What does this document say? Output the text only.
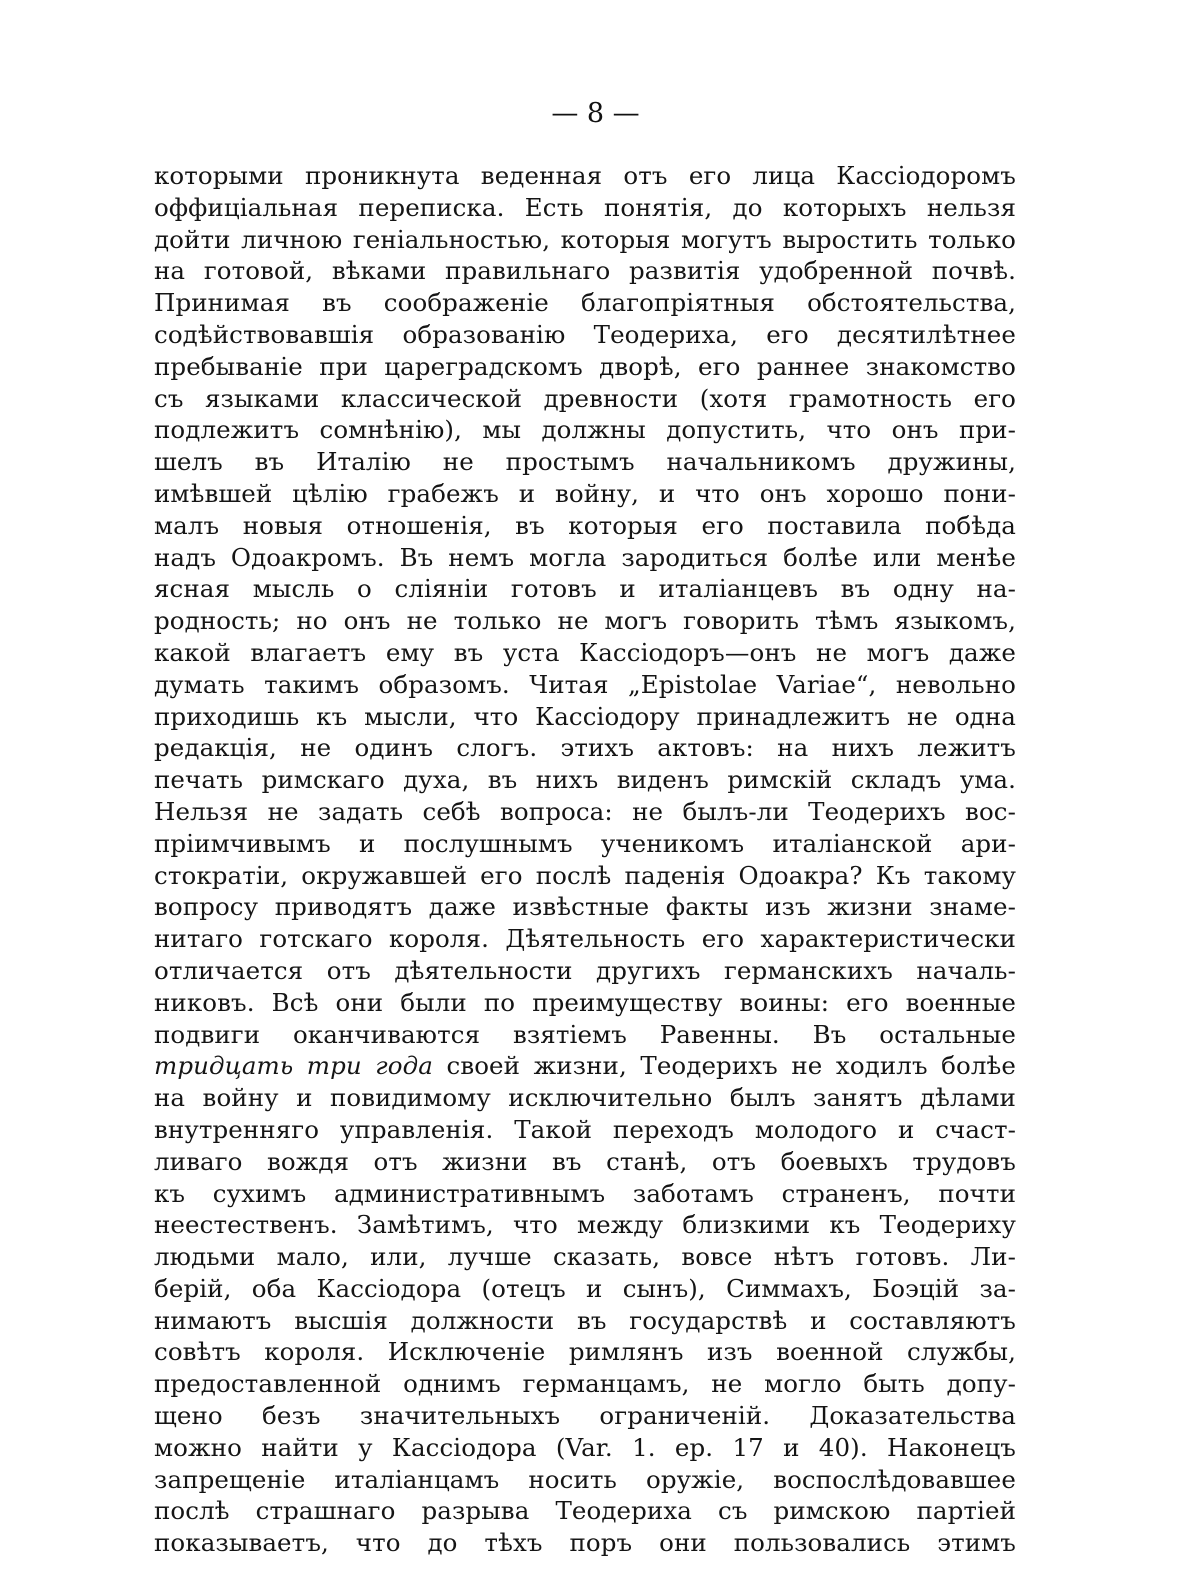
— 8 —
которыми проникнута веденная отъ его лица Кассіодоромъ
оффиціальная переписка. Есть понятія, до которыхъ нельзя
дойти личною геніальностью, которыя могутъ выростить только
на готовой, вѣками правильнаго развитія удобренной почвѣ.
Принимая въ соображеніе благопріятныя обстоятельства,
содѣйствовавшія образованію Теодериха, его десятилѣтнее
пребываніе при цареградскомъ дворѣ, его раннее знакомство
съ языками классической древности (хотя грамотность его
подлежитъ сомнѣнію), мы должны допустить, что онъ при-
шелъ въ Италію не простымъ начальникомъ дружины,
имѣвшей цѣлію грабежъ и войну, и что онъ хорошо пони-
малъ новыя отношенія, въ которыя его поставила побѣда
надъ Одоакромъ. Въ немъ могла зародиться болѣе или менѣе
ясная мысль о сліяніи готовъ и италіанцевъ въ одну на-
родность; но онъ не только не могъ говорить тѣмъ языкомъ,
какой влагаетъ ему въ уста Кассіодоръ—онъ не могъ даже
думать такимъ образомъ. Читая „Epistolae Variae“, невольно
приходишь къ мысли, что Кассіодору принадлежитъ не одна
редакція, не одинъ слогъ. этихъ актовъ: на нихъ лежитъ
печать римскаго духа, въ нихъ виденъ римскій складъ ума.
Нельзя не задать себѣ вопроса: не былъ-ли Теодерихъ вос-
пріимчивымъ и послушнымъ ученикомъ италіанской ари-
стократіи, окружавшей его послѣ паденія Одоакра? Къ такому
вопросу приводятъ даже извѣстные факты изъ жизни знаме-
нитаго готскаго короля. Дѣятельность его характеристически
отличается отъ дѣятельности другихъ германскихъ началь-
никовъ. Всѣ они были по преимуществу воины: его военные
подвиги оканчиваются взятіемъ Равенны. Въ остальные
тридцать три года своей жизни, Теодерихъ не ходилъ болѣе
на войну и повидимому исключительно былъ занятъ дѣлами
внутренняго управленія. Такой переходъ молодого и счаст-
ливаго вождя отъ жизни въ станѣ, отъ боевыхъ трудовъ
къ сухимъ административнымъ заботамъ страненъ, почти
неестественъ. Замѣтимъ, что между близкими къ Теодериху
людьми мало, или, лучше сказать, вовсе нѣтъ готовъ. Ли-
берій, оба Кассіодора (отецъ и сынъ), Симмахъ, Боэцій за-
нимаютъ высшія должности въ государствѣ и составляютъ
совѣтъ короля. Исключеніе римлянъ изъ военной службы,
предоставленной однимъ германцамъ, не могло быть допу-
щено безъ значительныхъ ограниченій. Доказательства
можно найти у Кассіодора (Var. 1. ep. 17 и 40). Наконецъ
запрещеніе италіанцамъ носить оружіе, воспослѣдовавшее
послѣ страшнаго разрыва Теодериха съ римскою партіей
показываетъ, что до тѣхъ поръ они пользовались этимъ
